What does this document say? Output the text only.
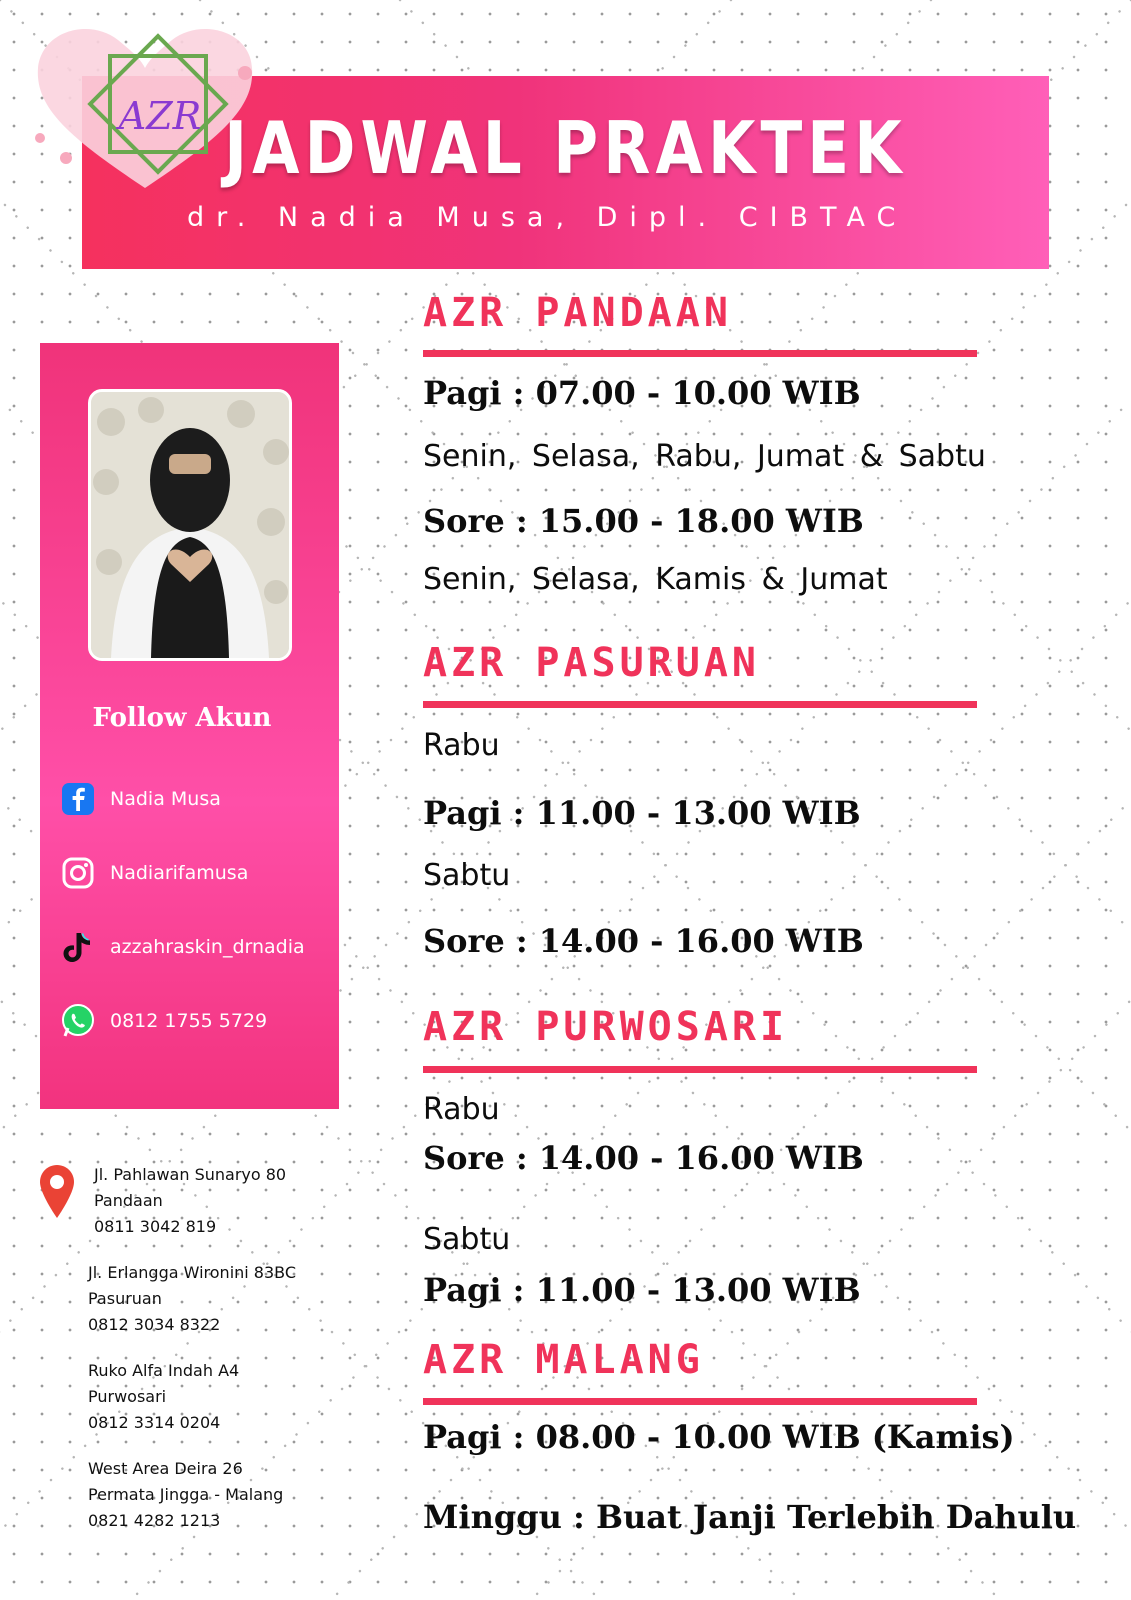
JADWAL PRAKTEK
dr. Nadia Musa, Dipl. CIBTAC
AZR
Follow Akun
Nadia Musa
Nadiarifamusa
azzahraskin_drnadia
0812 1755 5729
Jl. Pahlawan Sunaryo 80
Pandaan
0811 3042 819
Jl. Erlangga Wironini 83BC
Pasuruan
0812 3034 8322
Ruko Alfa Indah A4
Purwosari
0812 3314 0204
West Area Deira 26
Permata Jingga - Malang
0821 4282 1213
AZR PANDAAN
Pagi : 07.00 - 10.00 WIB
Senin, Selasa, Rabu, Jumat & Sabtu
Sore : 15.00 - 18.00 WIB
Senin, Selasa, Kamis & Jumat
AZR PASURUAN
Rabu
Pagi : 11.00 - 13.00 WIB
Sabtu
Sore : 14.00 - 16.00 WIB
AZR PURWOSARI
Rabu
Sore : 14.00 - 16.00 WIB
Sabtu
Pagi : 11.00 - 13.00 WIB
AZR MALANG
Pagi : 08.00 - 10.00 WIB (Kamis)
Minggu : Buat Janji Terlebih Dahulu
